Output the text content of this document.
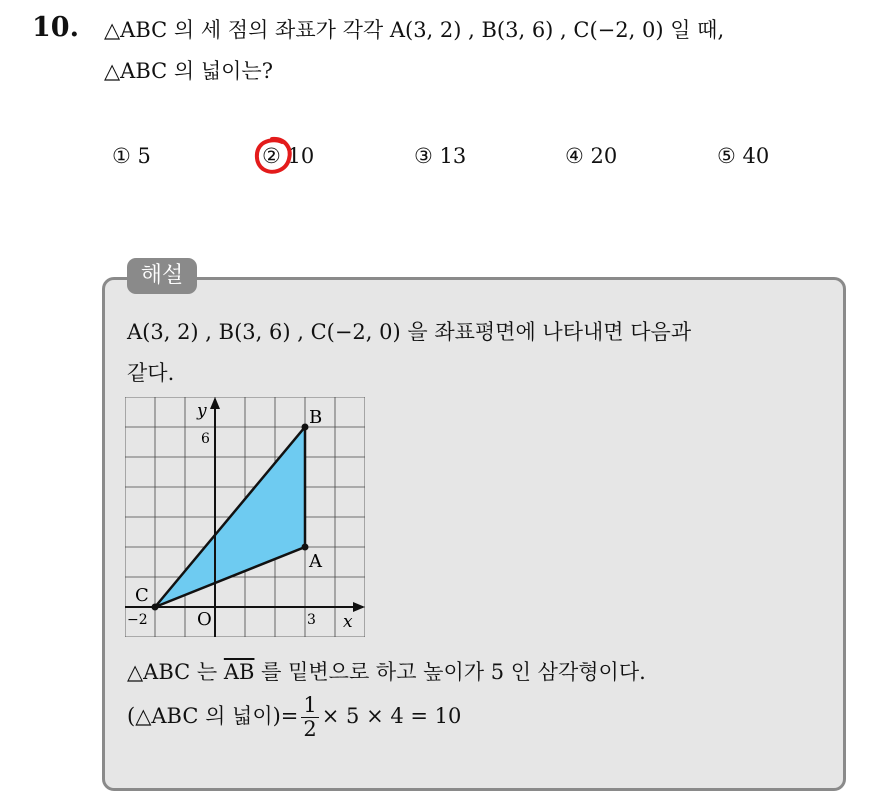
10. △ABC 의 세 점의 좌표가 각각 A(3, 2) , B(3, 6) , C(−2, 0) 일 때,
△ABC 의 넓이는?
① 5	② 10	③ 13	④ 20	⑤ 40
해설
A(3, 2) , B(3, 6) , C(−2, 0) 을 좌표평면에 나타내면 다음과
같다.
y
x
O
6
3
−2
B
A
C
△ABC 는 $\overline{AB}$ 를 밑변으로 하고 높이가 5 인 삼각형이다.
(△ABC 의 넓이)= $\frac{1}{2} \times 5 \times 4 = 10$
